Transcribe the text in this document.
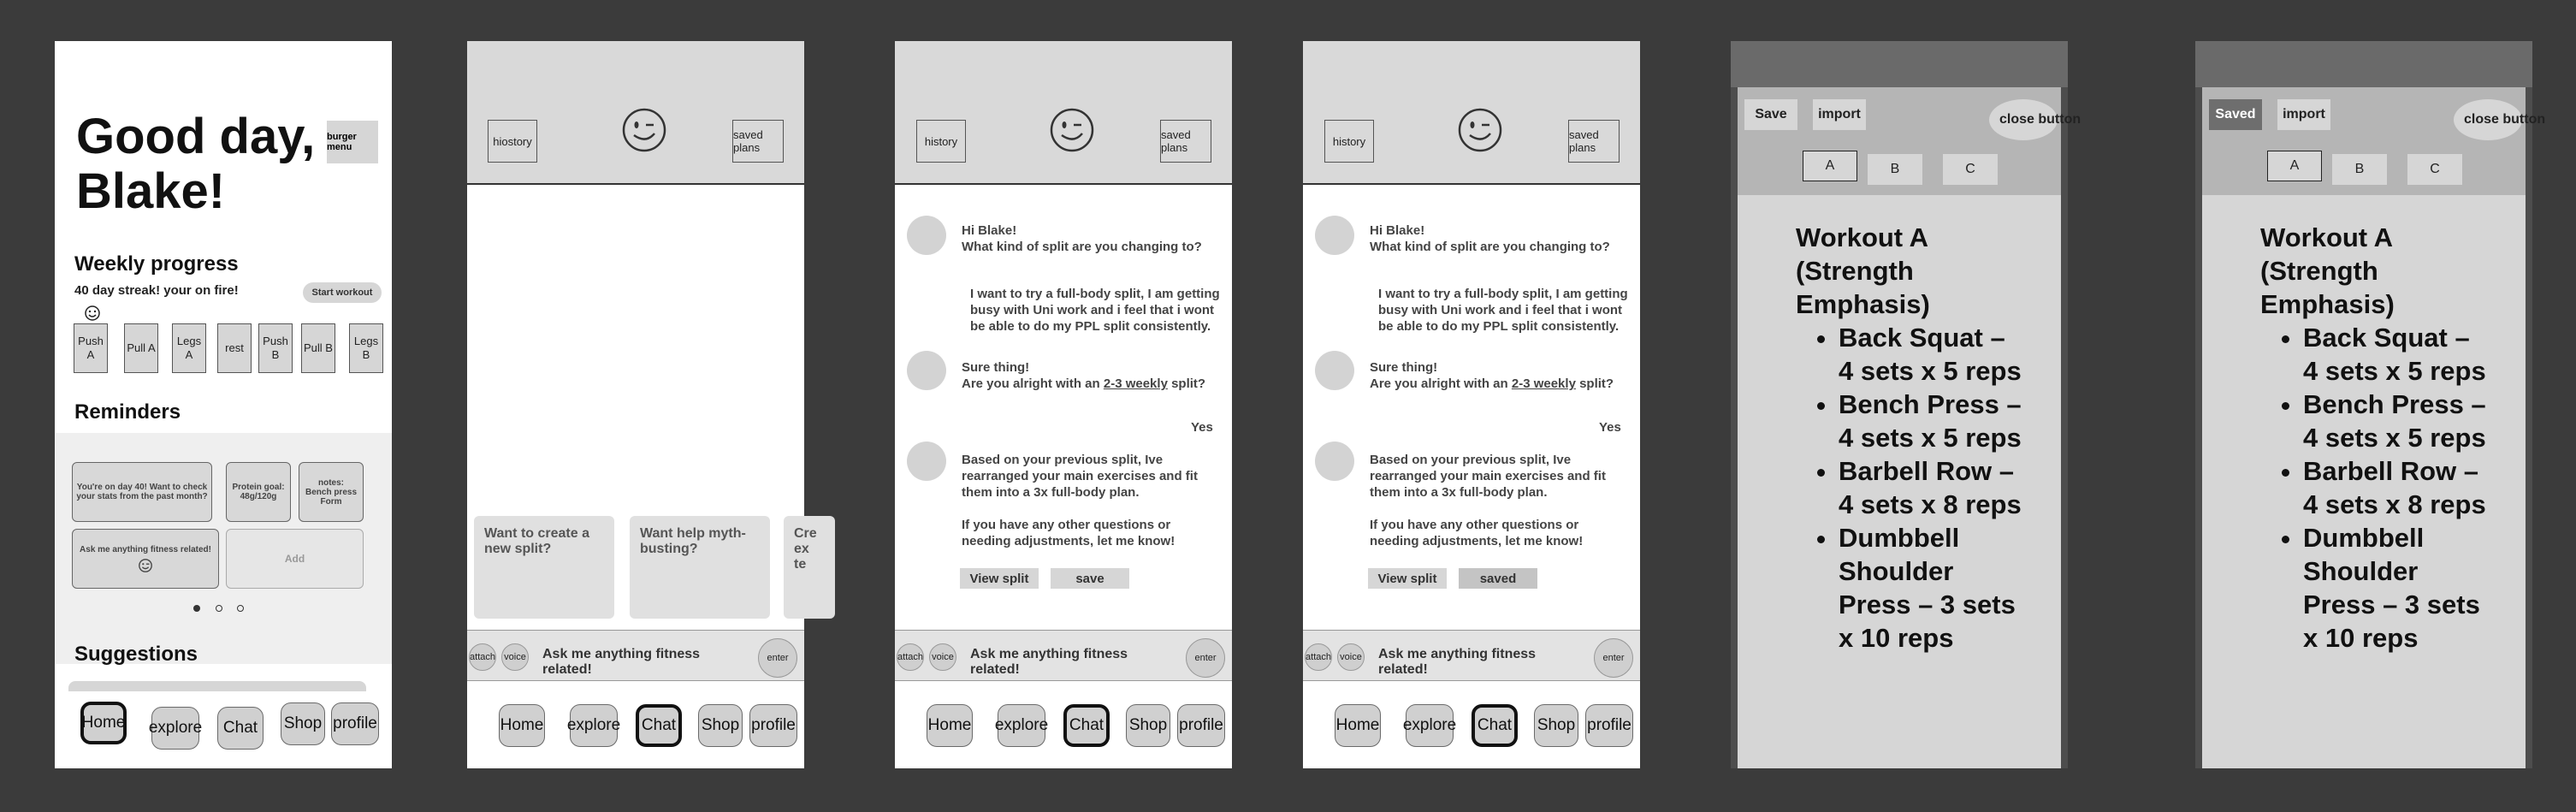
Good day, Blake!
burger menu
Weekly progress
40 day streak! your on fire!	Start workout
Push A
Pull A
Legs A
rest
Push B
Pull B
Legs B
Reminders
You're on day 40! Want to check your stats from the past month?
Protein goal: 48g/120g
notes:
Bench press Form
Ask me anything fitness related!
Add
Suggestions
Home explore	Chat	Shop profile
hiostory	saved plans
Want to create a new split?
Want help myth-busting?
Cre ex te
attach voice Ask me anything fitness related!
enter
Home explore	Chat	Shop profile
history	saved plans
Hi Blake!
What kind of split are you changing to?
I want to try a full-body split, I am getting busy with Uni work and i feel that i wont be able to do my PPL split consistently.
Sure thing!
Are you alright with an 2-3 weekly split?
Yes
Based on your previous split, Ive rearranged your main exercises and fit them into a 3x full-body plan.

If you have any other questions or needing adjustments, let me know!
View split	save
attach voice Ask me anything fitness related!
enter
Home explore	Chat	Shop profile
history	saved plans
Hi Blake!
What kind of split are you changing to?
I want to try a full-body split, I am getting busy with Uni work and i feel that i wont be able to do my PPL split consistently.
Sure thing!
Are you alright with an 2-3 weekly split?
Yes
Based on your previous split, Ive rearranged your main exercises and fit them into a 3x full-body plan.

If you have any other questions or needing adjustments, let me know!
View split	saved
attach voice Ask me anything fitness related!
enter
Home explore	Chat	Shop profile
Save	import	close button
A	B	C
Workout A (Strength Emphasis)
• Back Squat – 4 sets x 5 reps
• Bench Press – 4 sets x 5 reps
• Barbell Row – 4 sets x 8 reps
• Dumbbell Shoulder Press – 3 sets x 10 reps
Saved	import	close button
A	B	C
Workout A (Strength Emphasis)
• Back Squat – 4 sets x 5 reps
• Bench Press – 4 sets x 5 reps
• Barbell Row – 4 sets x 8 reps
• Dumbbell Shoulder Press – 3 sets x 10 reps
